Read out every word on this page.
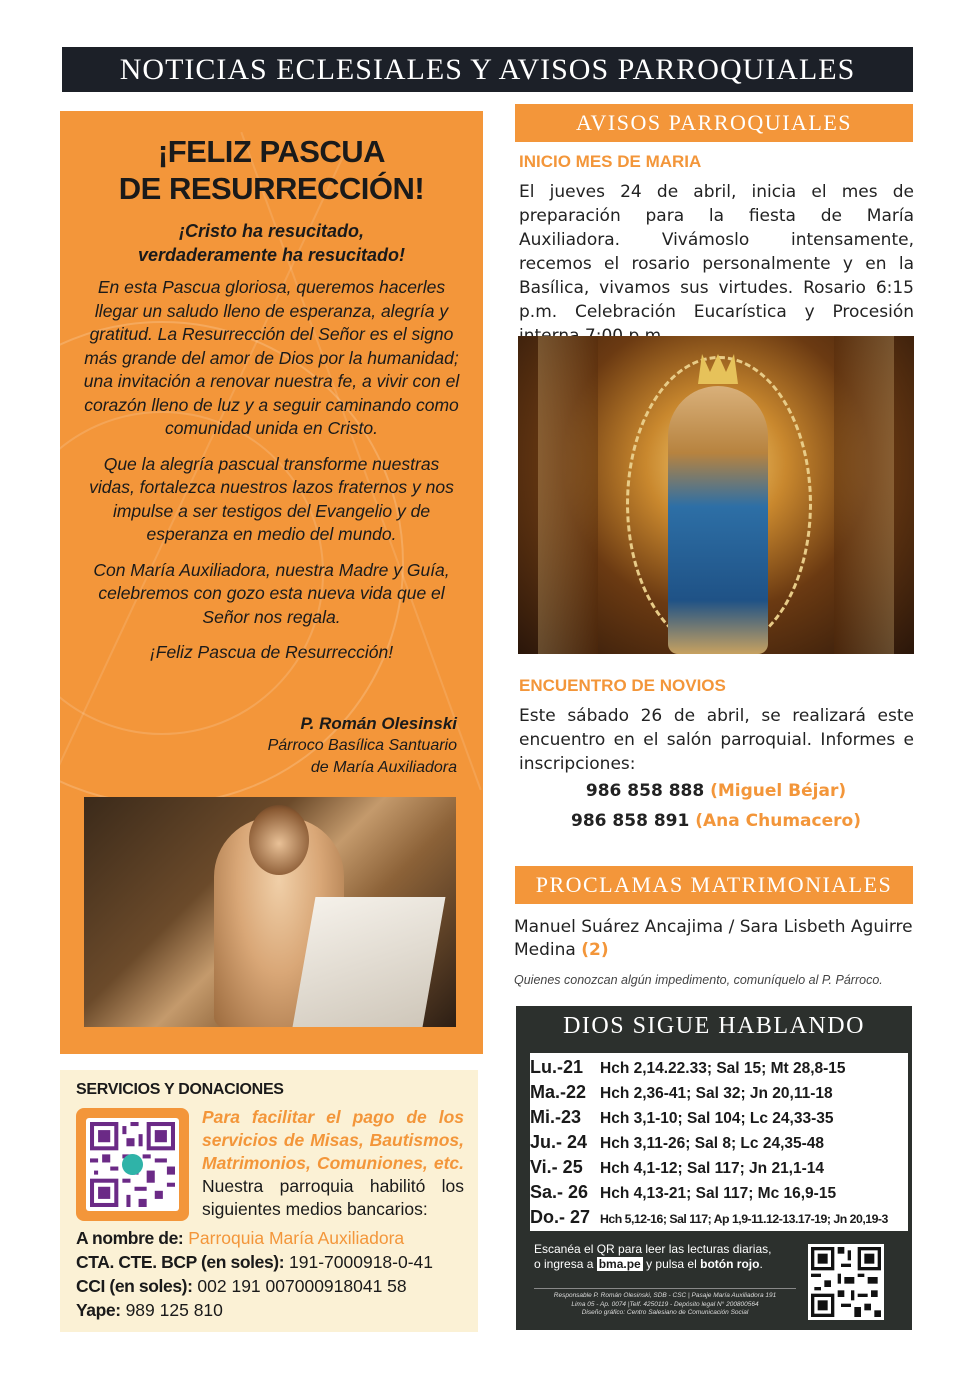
NOTICIAS ECLESIALES Y AVISOS PARROQUIALES
¡FELIZ PASCUA
DE RESURRECCIÓN!
¡Cristo ha resucitado,
verdaderamente ha resucitado!

En esta Pascua gloriosa, queremos hacerles llegar un saludo lleno de esperanza, alegría y gratitud. La Resurrección del Señor es el signo más grande del amor de Dios por la humanidad; una invitación a renovar nuestra fe, a vivir con el corazón lleno de luz y a seguir caminando como comunidad unida en Cristo.

Que la alegría pascual transforme nuestras vidas, fortalezca nuestros lazos fraternos y nos impulse a ser testigos del Evangelio y de esperanza en medio del mundo.

Con María Auxiliadora, nuestra Madre y Guía, celebremos con gozo esta nueva vida que el Señor nos regala.

¡Feliz Pascua de Resurrección!

P. Román Olesinski
Párroco Basílica Santuario
de María Auxiliadora
SERVICIOS Y DONACIONES
Para facilitar el pago de los servicios de Misas, Bautismos, Matrimonios, Comuniones, etc. Nuestra parroquia habilitó los siguientes medios bancarios:
A nombre de: Parroquia María Auxiliadora
CTA. CTE. BCP (en soles): 191-7000918-0-41
CCI (en soles): 002 191 007000918041 58
Yape: 989 125 810
AVISOS PARROQUIALES
INICIO MES DE MARIA
El jueves 24 de abril, inicia el mes de preparación para la fiesta de María Auxiliadora. Vivámoslo intensamente, recemos el rosario personalmente y en la Basílica, vivamos sus virtudes. Rosario 6:15 p.m. Celebración Eucarística y Procesión
ENCUENTRO DE NOVIOS
Este sábado 26 de abril, se realizará este encuentro en el salón parroquial. Informes e inscripciones:
986 858 888 (Miguel Béjar)
986 858 891 (Ana Chumacero)
PROCLAMAS MATRIMONIALES
Manuel Suárez Ancajima / Sara Lisbeth Aguirre Medina (2)
Quienes conozcan algún impedimento, comuníquelo al P. Párroco.
DIOS SIGUE HABLANDO
Lu.-21 Hch 2,14.22.33; Sal 15; Mt 28,8-15
Ma.-22 Hch 2,36-41; Sal 32; Jn 20,11-18
Mi.-23 Hch 3,1-10; Sal 104; Lc 24,33-35
Ju.- 24 Hch 3,11-26; Sal 8; Lc 24,35-48
Vi.- 25 Hch 4,1-12; Sal 117; Jn 21,1-14
Sa.- 26 Hch 4,13-21; Sal 117; Mc 16,9-15
Do.- 27 Hch 5,12-16; Sal 117; Ap 1,9-11.12-13.17-19; Jn 20,19-3
Escanéa el QR para leer las lecturas diarias,
o ingresa a bma.pe y pulsa el botón rojo.
Responsable P. Román Olesinski, SDB - CSC | Pasaje María Auxiliadora 191
Lima 05 - Ap. 0074 |Telf. 4250119 - Depósito legal N° 200800564
Diseño gráfico: Centro Salesiano de Comunicación Social
